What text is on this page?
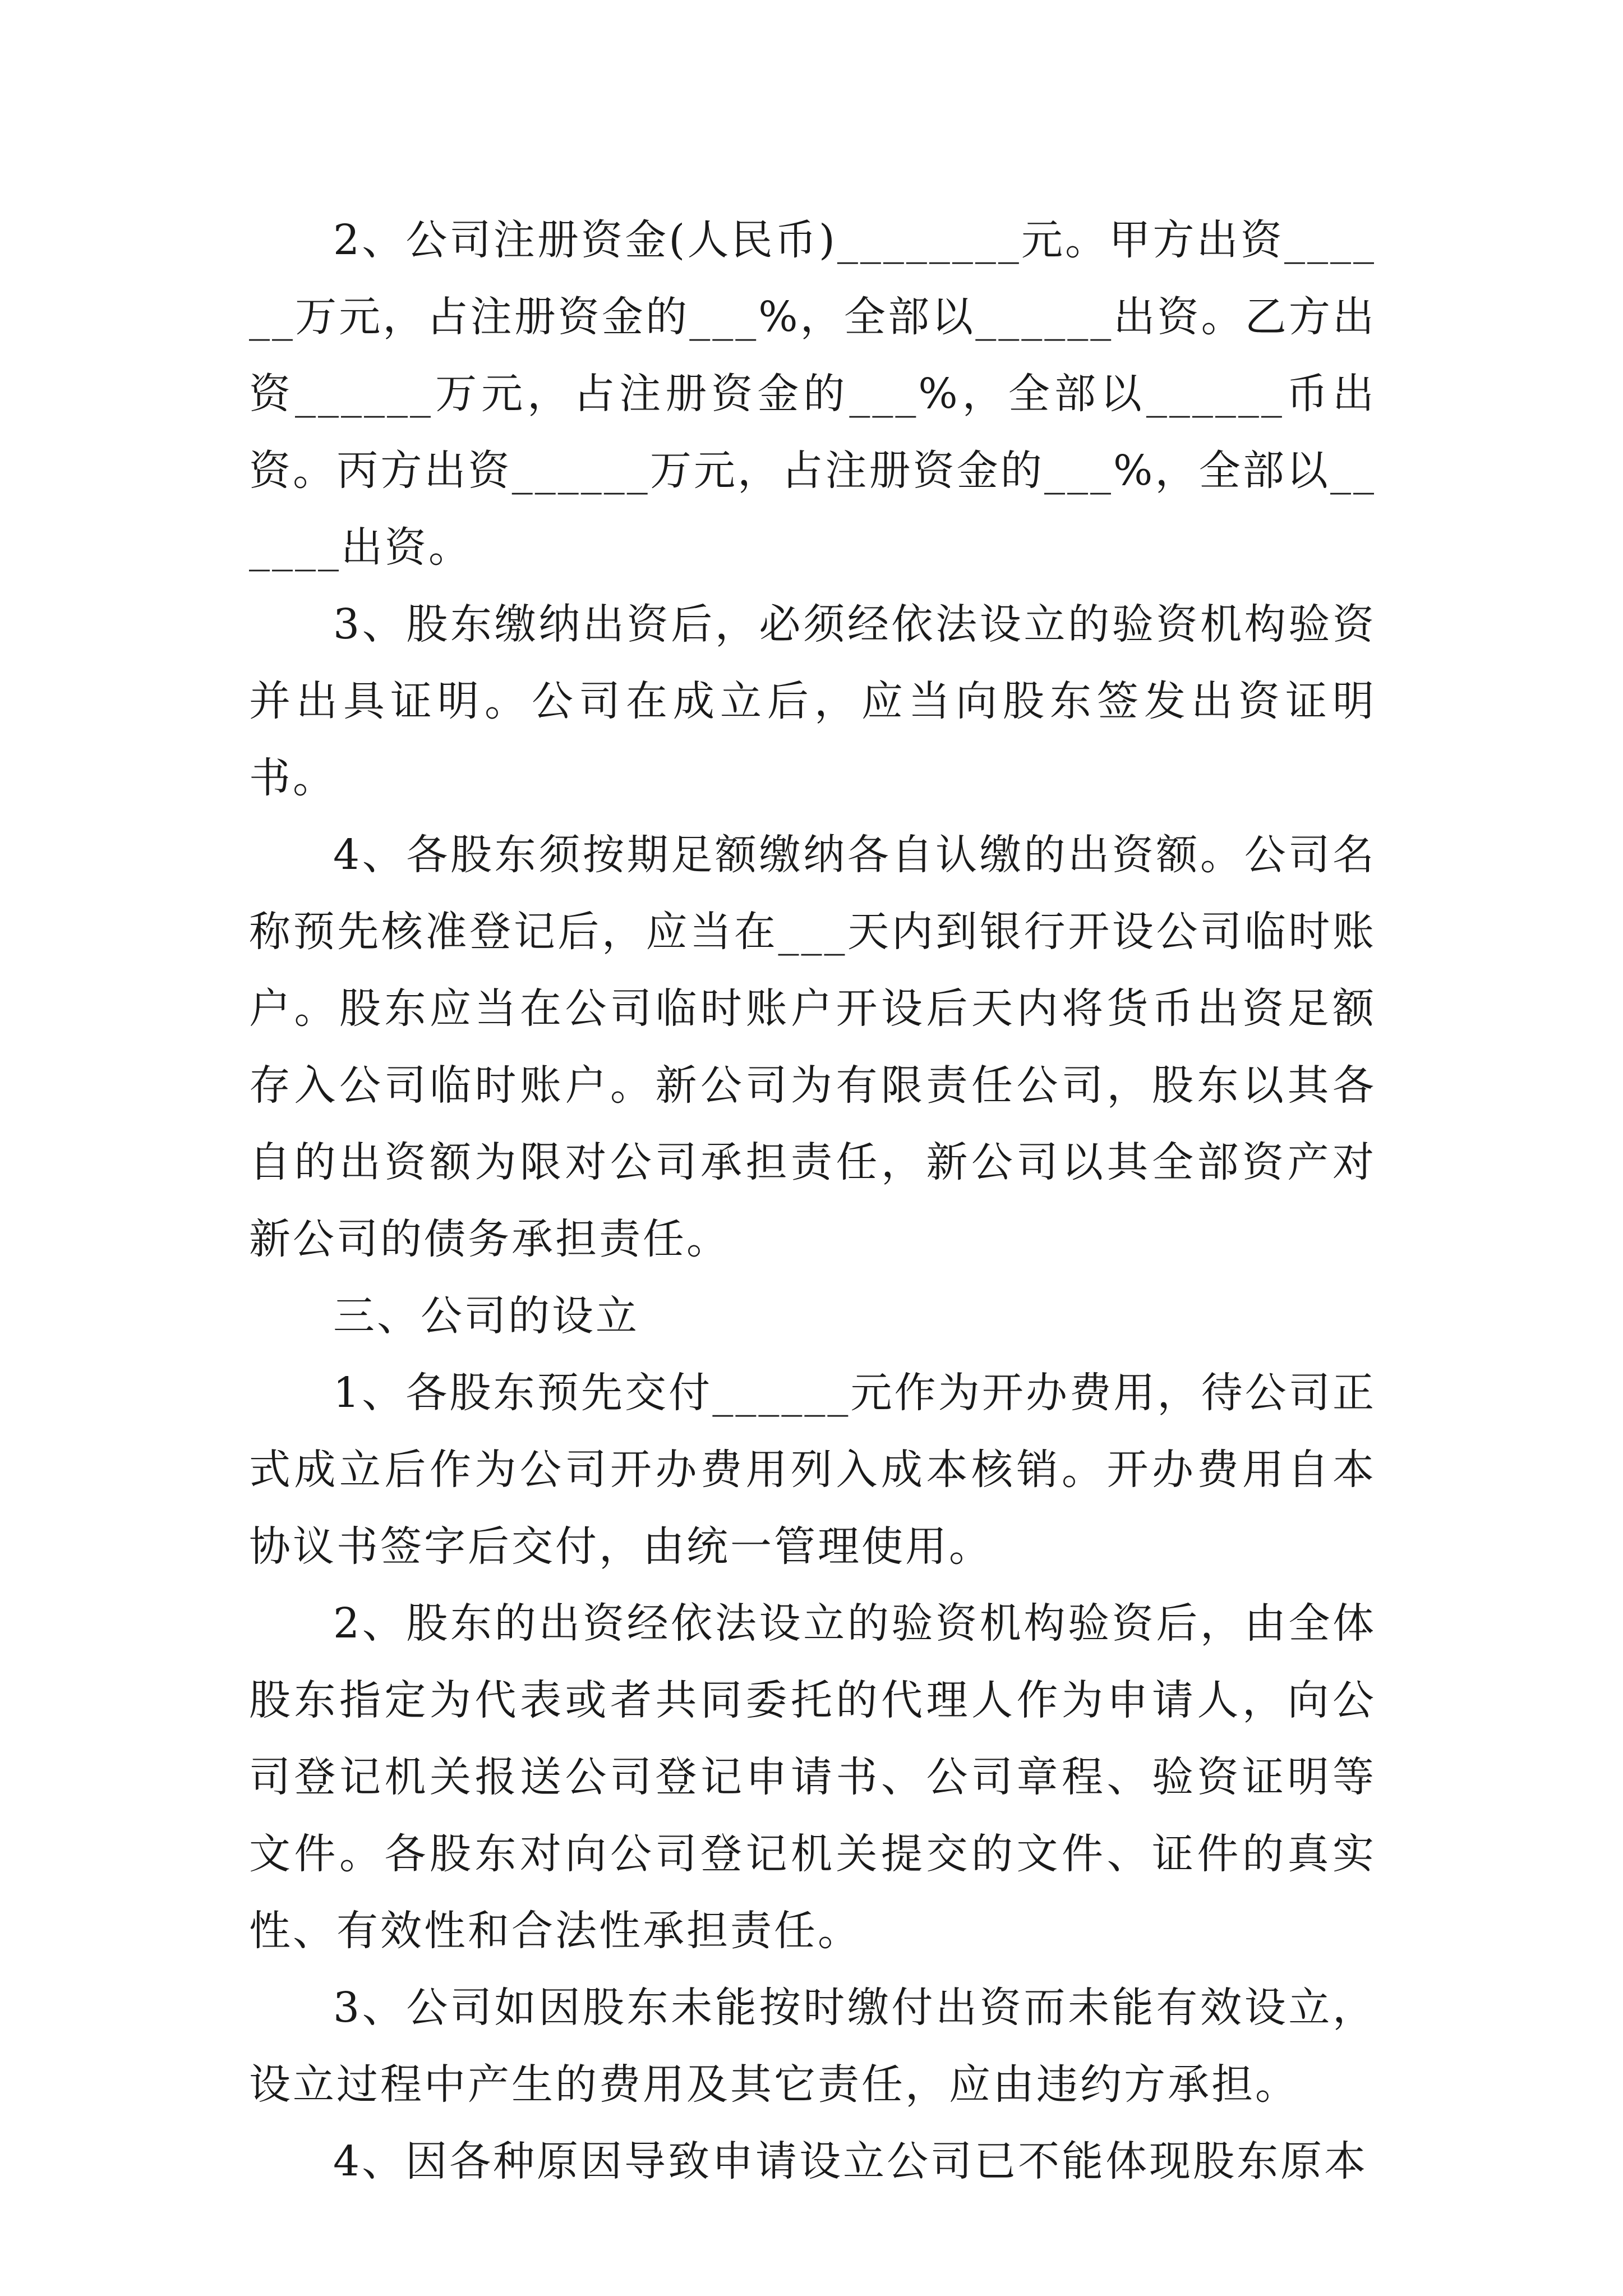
2、公司注册资金(人民币)________元。甲方出资______万元，占注册资金的___%，全部以______出资。乙方出资______万元，占注册资金的___%，全部以______币出资。丙方出资______万元，占注册资金的___%，全部以______出资。

3、股东缴纳出资后，必须经依法设立的验资机构验资并出具证明。公司在成立后，应当向股东签发出资证明书。

4、各股东须按期足额缴纳各自认缴的出资额。公司名称预先核准登记后，应当在___天内到银行开设公司临时账户。股东应当在公司临时账户开设后天内将货币出资足额存入公司临时账户。新公司为有限责任公司，股东以其各自的出资额为限对公司承担责任，新公司以其全部资产对新公司的债务承担责任。

三、公司的设立

1、各股东预先交付______元作为开办费用，待公司正式成立后作为公司开办费用列入成本核销。开办费用自本协议书签字后交付，由统一管理使用。

2、股东的出资经依法设立的验资机构验资后，由全体股东指定为代表或者共同委托的代理人作为申请人，向公司登记机关报送公司登记申请书、公司章程、验资证明等文件。各股东对向公司登记机关提交的文件、证件的真实性、有效性和合法性承担责任。

3、公司如因股东未能按时缴付出资而未能有效设立，设立过程中产生的费用及其它责任，应由违约方承担。

4、因各种原因导致申请设立公司已不能体现股东原本
